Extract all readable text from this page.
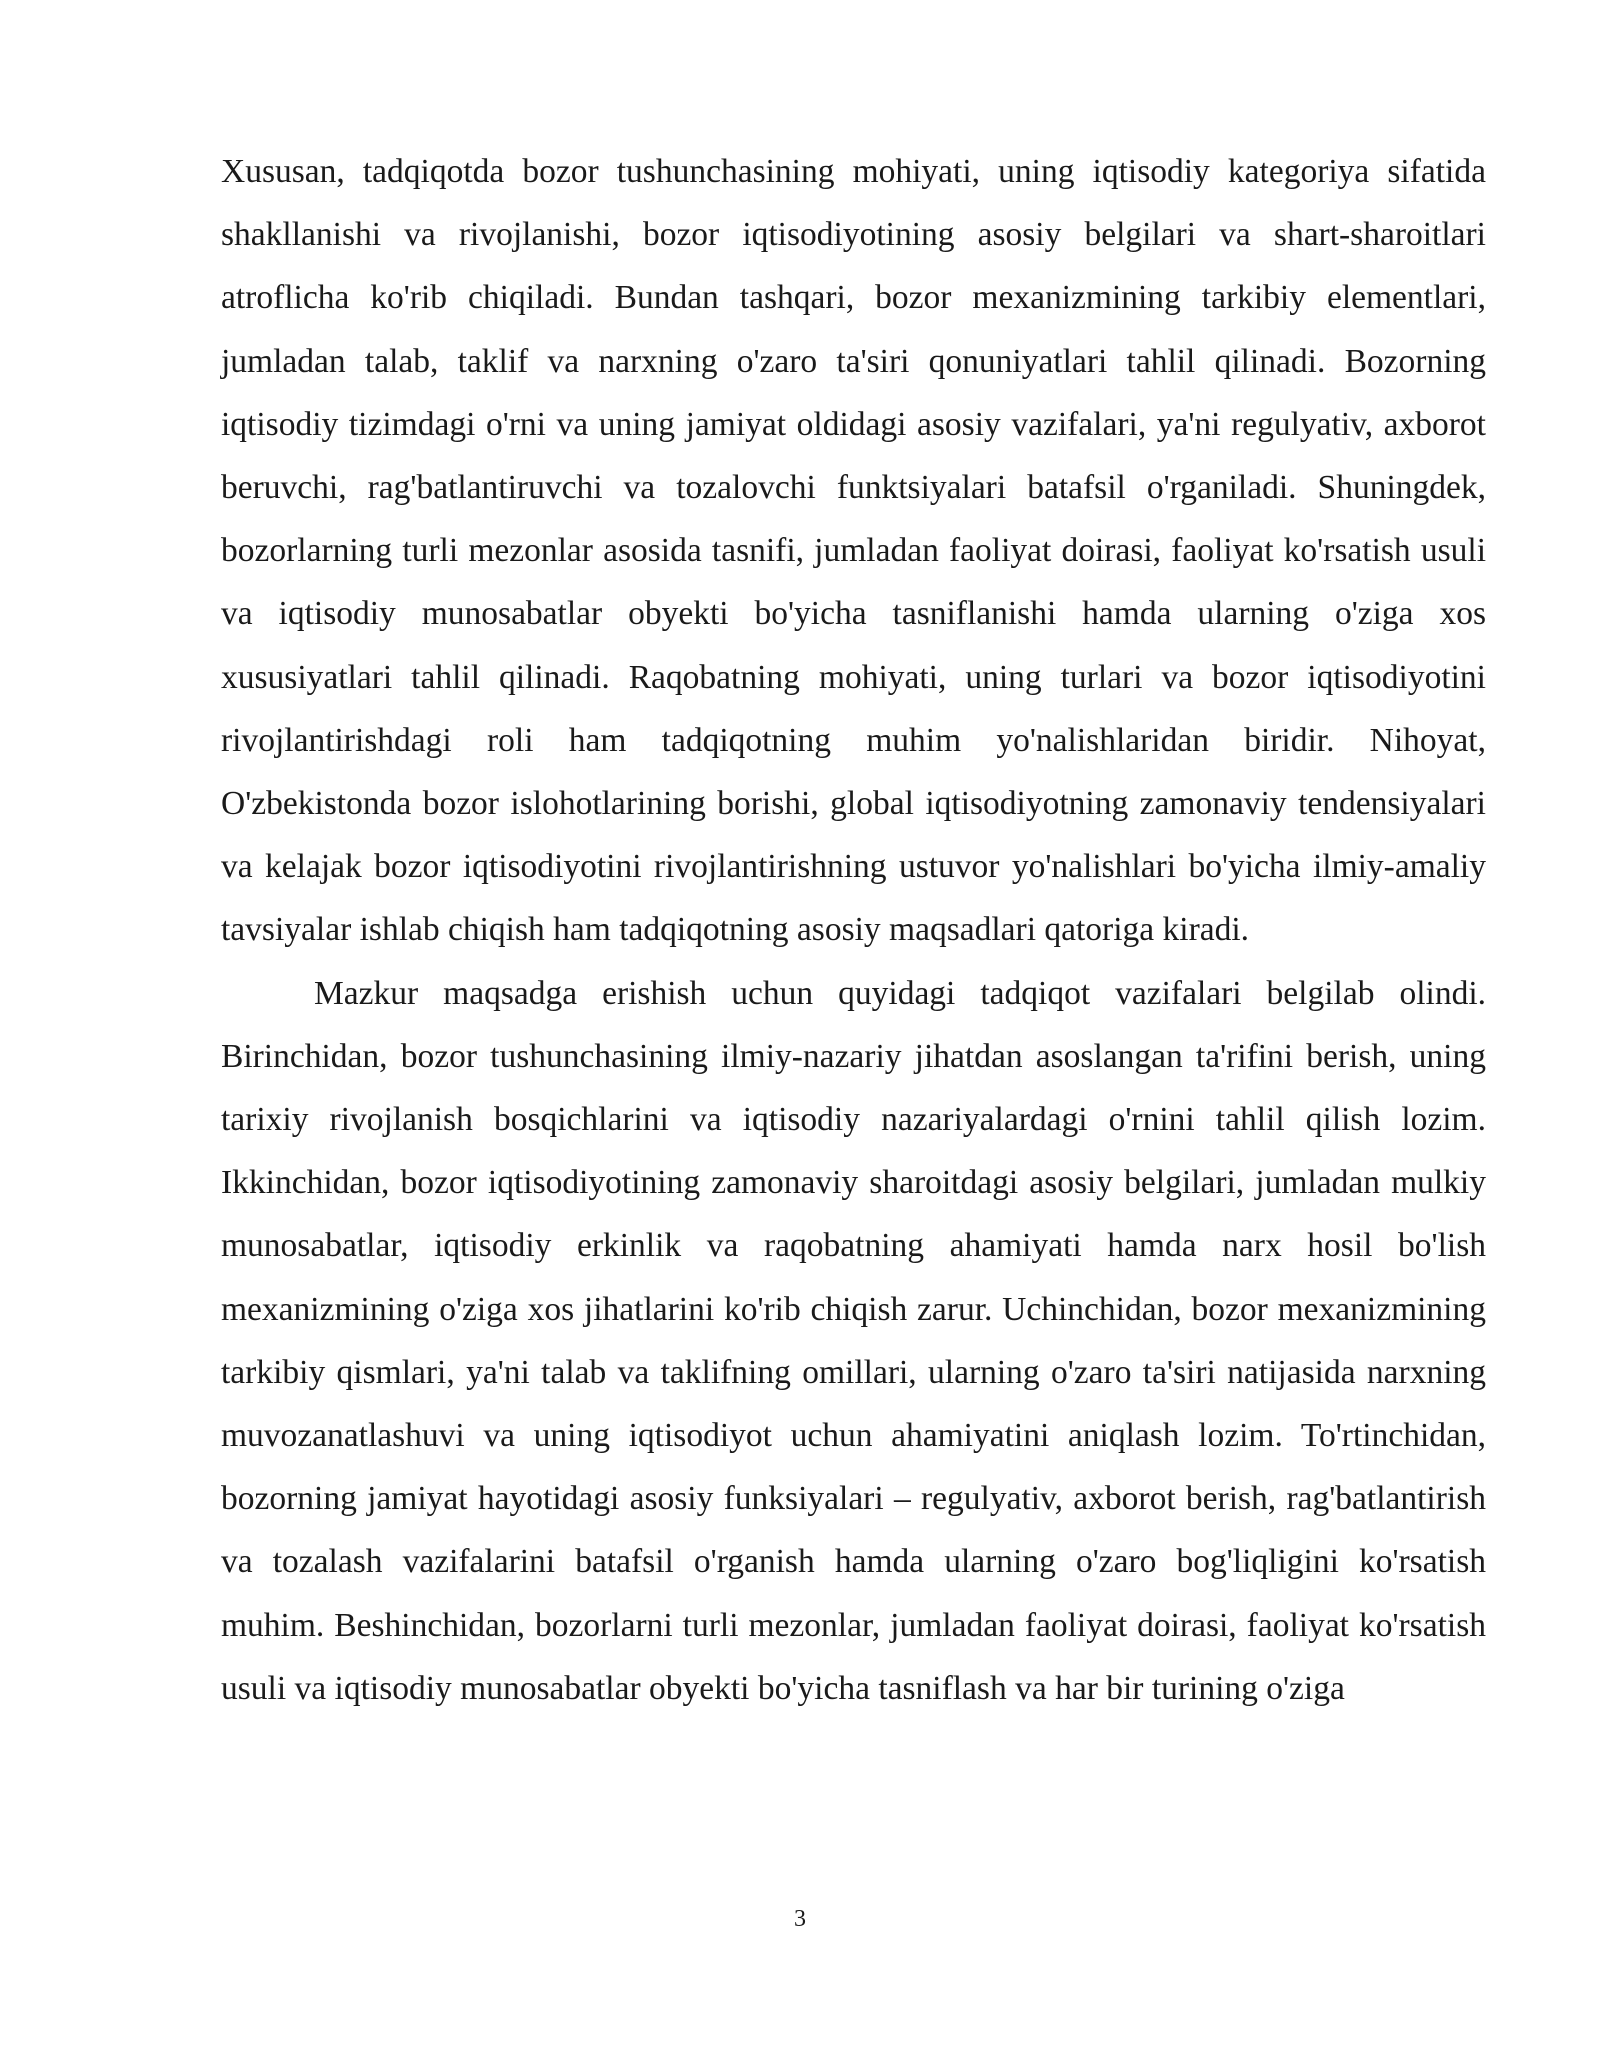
Xususan, tadqiqotda bozor tushunchasining mohiyati, uning iqtisodiy kategoriya sifatida shakllanishi va rivojlanishi, bozor iqtisodiyotining asosiy belgilari va shart-sharoitlari atroflicha ko'rib chiqiladi. Bundan tashqari, bozor mexanizmining tarkibiy elementlari, jumladan talab, taklif va narxning o'zaro ta'siri qonuniyatlari tahlil qilinadi. Bozorning iqtisodiy tizimdagi o'rni va uning jamiyat oldidagi asosiy vazifalari, ya'ni regulyativ, axborot beruvchi, rag'batlantiruvchi va tozalovchi funktsiyalari batafsil o'rganiladi. Shuningdek, bozorlarning turli mezonlar asosida tasnifi, jumladan faoliyat doirasi, faoliyat ko'rsatish usuli va iqtisodiy munosabatlar obyekti bo'yicha tasniflanishi hamda ularning o'ziga xos xususiyatlari tahlil qilinadi. Raqobatning mohiyati, uning turlari va bozor iqtisodiyotini rivojlantirishdagi roli ham tadqiqotning muhim yo'nalishlaridan biridir. Nihoyat, O'zbekistonda bozor islohotlarining borishi, global iqtisodiyotning zamonaviy tendensiyalari va kelajak bozor iqtisodiyotini rivojlantirishning ustuvor yo'nalishlari bo'yicha ilmiy-amaliy tavsiyalar ishlab chiqish ham tadqiqotning asosiy maqsadlari qatoriga kiradi.

Mazkur maqsadga erishish uchun quyidagi tadqiqot vazifalari belgilab olindi. Birinchidan, bozor tushunchasining ilmiy-nazariy jihatdan asoslangan ta'rifini berish, uning tarixiy rivojlanish bosqichlarini va iqtisodiy nazariyalardagi o'rnini tahlil qilish lozim. Ikkinchidan, bozor iqtisodiyotining zamonaviy sharoitdagi asosiy belgilari, jumladan mulkiy munosabatlar, iqtisodiy erkinlik va raqobatning ahamiyati hamda narx hosil bo'lish mexanizmining o'ziga xos jihatlarini ko'rib chiqish zarur. Uchinchidan, bozor mexanizmining tarkibiy qismlari, ya'ni talab va taklifning omillari, ularning o'zaro ta'siri natijasida narxning muvozanatlashuvi va uning iqtisodiyot uchun ahamiyatini aniqlash lozim. To'rtinchidan, bozorning jamiyat hayotidagi asosiy funksiyalari – regulyativ, axborot berish, rag'batlantirish va tozalash vazifalarini batafsil o'rganish hamda ularning o'zaro bog'liqligini ko'rsatish muhim. Beshinchidan, bozorlarni turli mezonlar, jumladan faoliyat doirasi, faoliyat ko'rsatish usuli va iqtisodiy munosabatlar obyekti bo'yicha tasniflash va har bir turining o'ziga

3
